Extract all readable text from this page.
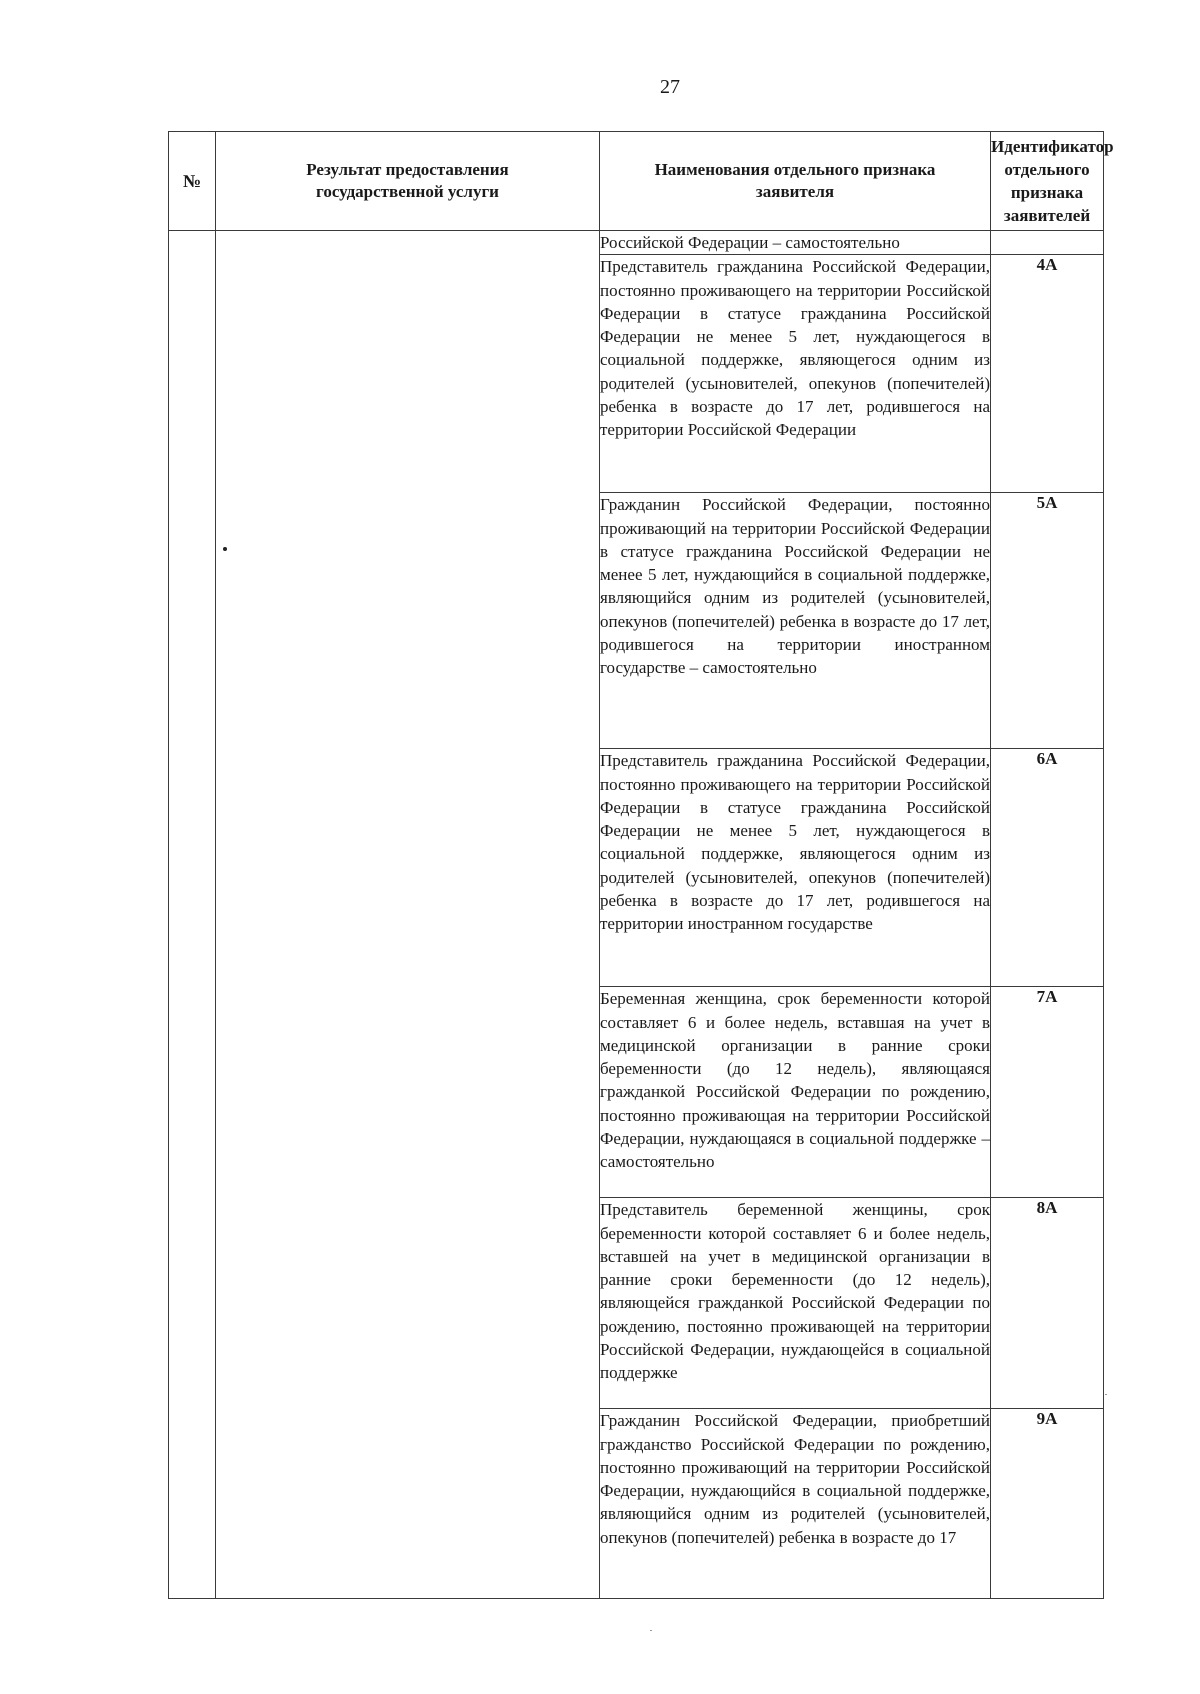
27
№	Результат предоставления государственной услуги	Наименования отдельного признака заявителя	Идентификатор отдельного признака заявителей
		Российской Федерации – самостоятельно	
		Представитель гражданина Российской Федерации, постоянно проживающего на территории Российской Федерации в статусе гражданина Российской Федерации не менее 5 лет, нуждающегося в социальной поддержке, являющегося одним из родителей (усыновителей, опекунов (попечителей) ребенка в возрасте до 17 лет, родившегося на территории Российской Федерации	4А
		Гражданин Российской Федерации, постоянно проживающий на территории Российской Федерации в статусе гражданина Российской Федерации не менее 5 лет, нуждающийся в социальной поддержке, являющийся одним из родителей (усыновителей, опекунов (попечителей) ребенка в возрасте до 17 лет, родившегося на территории иностранном государстве – самостоятельно	5А
		Представитель гражданина Российской Федерации, постоянно проживающего на территории Российской Федерации в статусе гражданина Российской Федерации не менее 5 лет, нуждающегося в социальной поддержке, являющегося одним из родителей (усыновителей, опекунов (попечителей) ребенка в возрасте до 17 лет, родившегося на территории иностранном государстве	6А
		Беременная женщина, срок беременности которой составляет 6 и более недель, вставшая на учет в медицинской организации в ранние сроки беременности (до 12 недель), являющаяся гражданкой Российской Федерации по рождению, постоянно проживающая на территории Российской Федерации, нуждающаяся в социальной поддержке – самостоятельно	7А
		Представитель беременной женщины, срок беременности которой составляет 6 и более недель, вставшей на учет в медицинской организации в ранние сроки беременности (до 12 недель), являющейся гражданкой Российской Федерации по рождению, постоянно проживающей на территории Российской Федерации, нуждающейся в социальной поддержке	8А
		Гражданин Российской Федерации, приобретший гражданство Российской Федерации по рождению, постоянно проживающий на территории Российской Федерации, нуждающийся в социальной поддержке, являющийся одним из родителей (усыновителей, опекунов (попечителей) ребенка в возрасте до 17	9А
